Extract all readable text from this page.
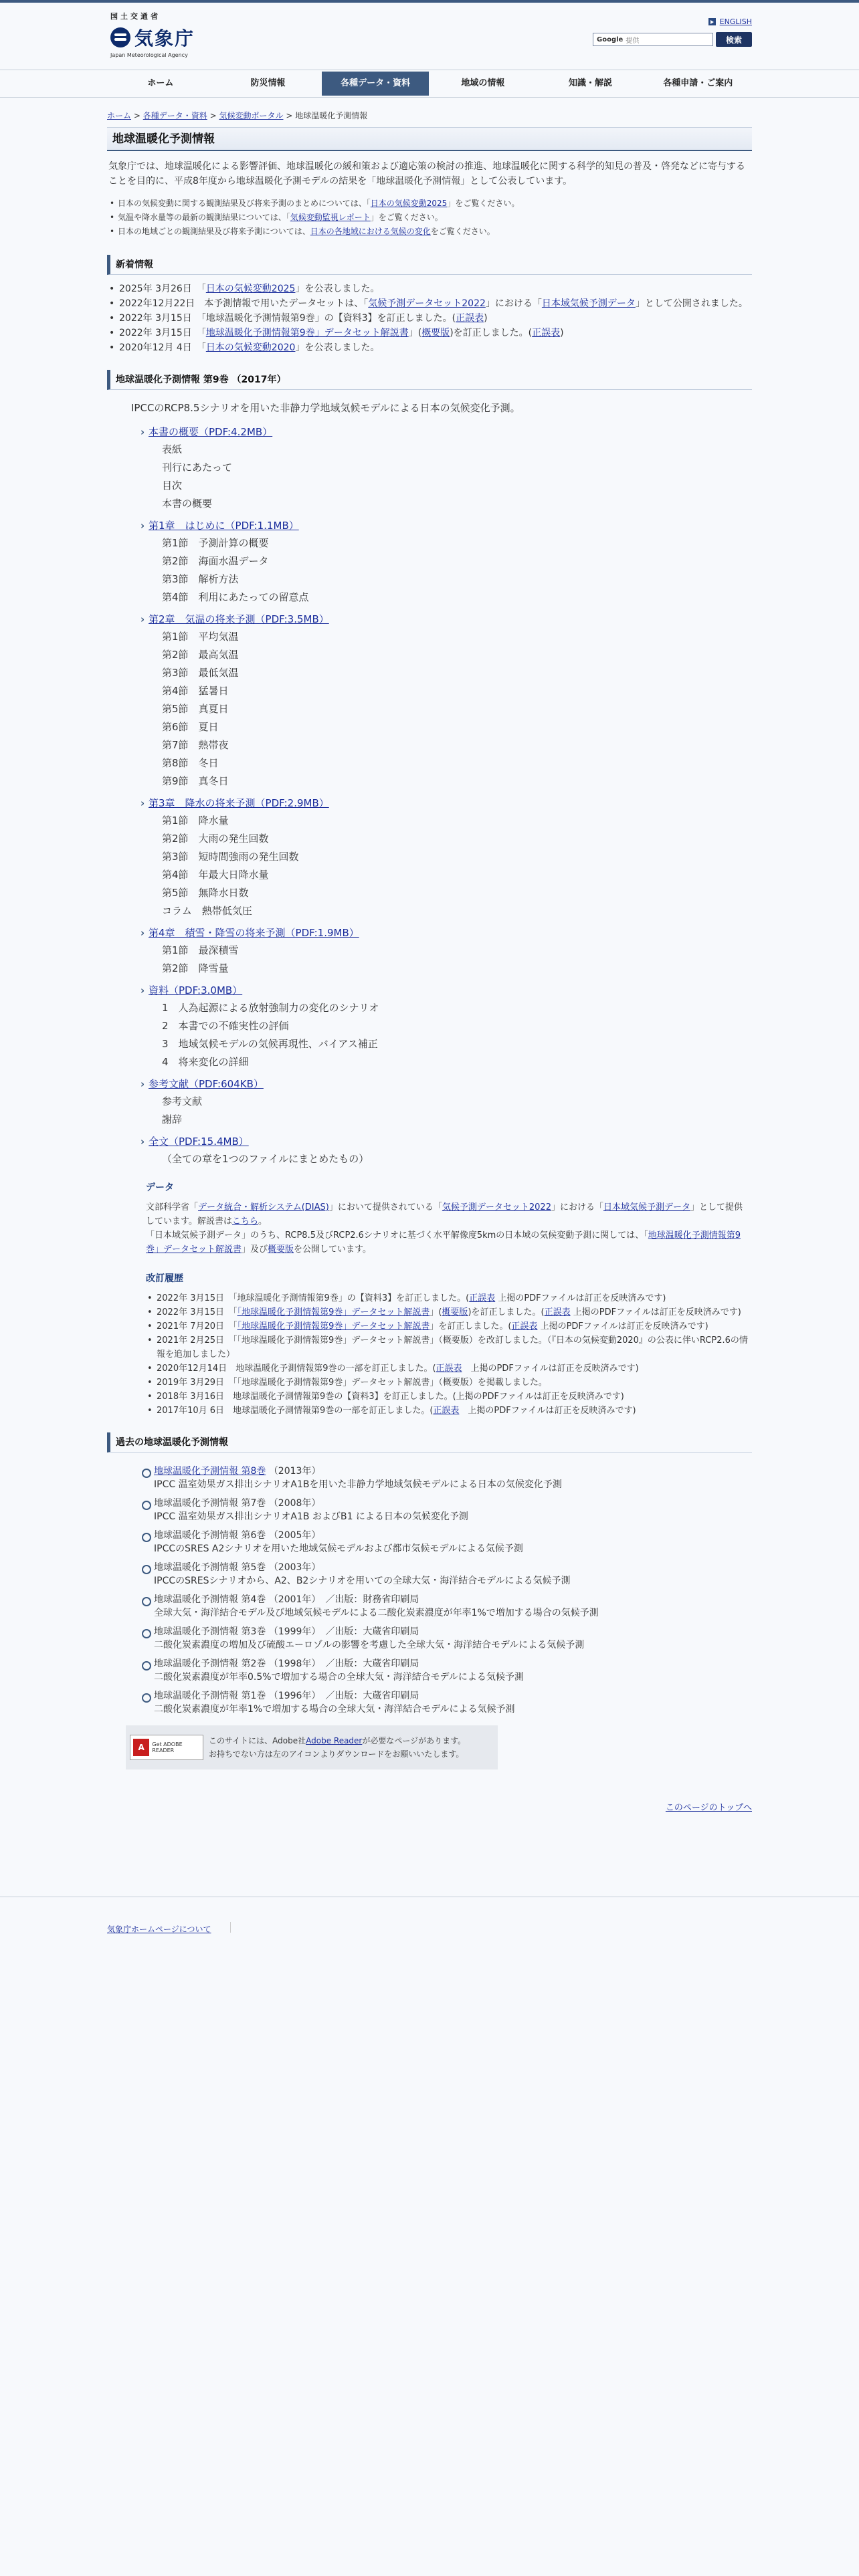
国土交通省
気象庁
Japan Meteorological Agency
ENGLISH
Google 提供	検索
ホーム	防災情報	各種データ・資料	地域の情報	知識・解説	各種申請・ご案内
ホーム > 各種データ・資料 > 気候変動ポータル > 地球温暖化予測情報
地球温暖化予測情報

気象庁では、地球温暖化による影響評価、地球温暖化の緩和策および適応策の検討の推進、地球温暖化に関する科学的知見の普及・啓発などに寄与することを目的に、平成8年度から地球温暖化予測モデルの結果を「地球温暖化予測情報」として公表しています。

• 日本の気候変動に関する観測結果及び将来予測のまとめについては、「日本の気候変動2025」をご覧ください。
• 気温や降水量等の最新の観測結果については、「気候変動監視レポート」をご覧ください。
• 日本の地域ごとの観測結果及び将来予測については、日本の各地域における気候の変化をご覧ください。
新着情報
• 2025年 3月26日　 「日本の気候変動2025」を公表しました。
• 2022年12月22日　 本予測情報で用いたデータセットは、「気候予測データセット2022」における「日本域気候予測データ」として公開されました。
• 2022年 3月15日　 「地球温暖化予測情報第9巻」の【資料3】を訂正しました。(正誤表)
• 2022年 3月15日　 「地球温暖化予測情報第9巻」データセット解説書」(概要版)を訂正しました。(正誤表)
• 2020年12月 4日　 「日本の気候変動2020」を公表しました。
地球温暖化予測情報 第9巻 （2017年）
IPCCのRCP8.5シナリオを用いた非静力学地域気候モデルによる日本の気候変化予測。
› 本書の概要（PDF:4.2MB）
表紙
刊行にあたって
目次
本書の概要
› 第1章　はじめに（PDF:1.1MB）
第1節　予測計算の概要
第2節　海面水温データ
第3節　解析方法
第4節　利用にあたっての留意点
› 第2章　気温の将来予測（PDF:3.5MB）
第1節　平均気温
第2節　最高気温
第3節　最低気温
第4節　猛暑日
第5節　真夏日
第6節　夏日
第7節　熱帯夜
第8節　冬日
第9節　真冬日
› 第3章　降水の将来予測（PDF:2.9MB）
第1節　降水量
第2節　大雨の発生回数
第3節　短時間強雨の発生回数
第4節　年最大日降水量
第5節　無降水日数
コラム　熱帯低気圧
› 第4章　積雪・降雪の将来予測（PDF:1.9MB）
第1節　最深積雪
第2節　降雪量
› 資料（PDF:3.0MB）
1　人為起源による放射強制力の変化のシナリオ
2　本書での不確実性の評価
3　地域気候モデルの気候再現性、バイアス補正
4　将来変化の詳細
› 参考文献（PDF:604KB）
参考文献
謝辞
› 全文（PDF:15.4MB）
（全ての章を1つのファイルにまとめたもの）
データ

文部科学省「データ統合・解析システム(DIAS)」において提供されている「気候予測データセット2022」における「日本域気候予測データ」として提供しています。解説書はこちら。

「日本域気候予測データ」のうち、RCP8.5及びRCP2.6シナリオに基づく水平解像度5kmの日本域の気候変動予測に関しては、「地球温暖化予測情報第9巻」データセット解説書」及び概要版を公開しています。

改訂履歴
• 2022年 3月15日　 「地球温暖化予測情報第9巻」の【資料3】を訂正しました。(正誤表 上掲のPDFファイルは訂正を反映済みです)
• 2022年 3月15日　 「「地球温暖化予測情報第9巻」データセット解説書」(概要版)を訂正しました。(正誤表 上掲のPDFファイルは訂正を反映済みです)
• 2021年 7月20日　 「「地球温暖化予測情報第9巻」データセット解説書」を訂正しました。(正誤表 上掲のPDFファイルは訂正を反映済みです)
• 2021年 2月25日　 「「地球温暖化予測情報第9巻」データセット解説書」（概要版）を改訂しました。（『日本の気候変動2020』の公表に伴いRCP2.6の情報を追加しました）
• 2020年12月14日　 地球温暖化予測情報第9巻の一部を訂正しました。(正誤表　上掲のPDFファイルは訂正を反映済みです)
• 2019年 3月29日　 「「地球温暖化予測情報第9巻」データセット解説書」（概要版）を掲載しました。
• 2018年 3月16日　 地球温暖化予測情報第9巻の【資料3】を訂正しました。(上掲のPDFファイルは訂正を反映済みです)
• 2017年10月 6日　 地球温暖化予測情報第9巻の一部を訂正しました。(正誤表　上掲のPDFファイルは訂正を反映済みです)
過去の地球温暖化予測情報
地球温暖化予測情報 第8巻 （2013年）
IPCC 温室効果ガス排出シナリオA1Bを用いた非静力学地域気候モデルによる日本の気候変化予測
地球温暖化予測情報 第7巻 （2008年）
IPCC 温室効果ガス排出シナリオA1B およびB1 による日本の気候変化予測
地球温暖化予測情報 第6巻 （2005年）
IPCCのSRES A2シナリオを用いた地域気候モデルおよび都市気候モデルによる気候予測
地球温暖化予測情報 第5巻 （2003年）
IPCCのSRESシナリオから、A2、B2シナリオを用いての全球大気・海洋結合モデルによる気候予測
地球温暖化予測情報 第4巻 （2001年）　／出版：財務省印刷局
全球大気・海洋結合モデル及び地域気候モデルによる二酸化炭素濃度が年率1%で増加する場合の気候予測
地球温暖化予測情報 第3巻 （1999年）　／出版：大蔵省印刷局
二酸化炭素濃度の増加及び硫酸エーロゾルの影響を考慮した全球大気・海洋結合モデルによる気候予測
地球温暖化予測情報 第2巻 （1998年）　／出版：大蔵省印刷局
二酸化炭素濃度が年率0.5%で増加する場合の全球大気・海洋結合モデルによる気候予測
地球温暖化予測情報 第1巻 （1996年）　／出版：大蔵省印刷局
二酸化炭素濃度が年率1%で増加する場合の全球大気・海洋結合モデルによる気候予測
A	Get ADOBE READER
このサイトには、Adobe社Adobe Readerが必要なページがあります。
お持ちでない方は左のアイコンよりダウンロードをお願いいたします。
このページのトップへ
気象庁ホームページについて
